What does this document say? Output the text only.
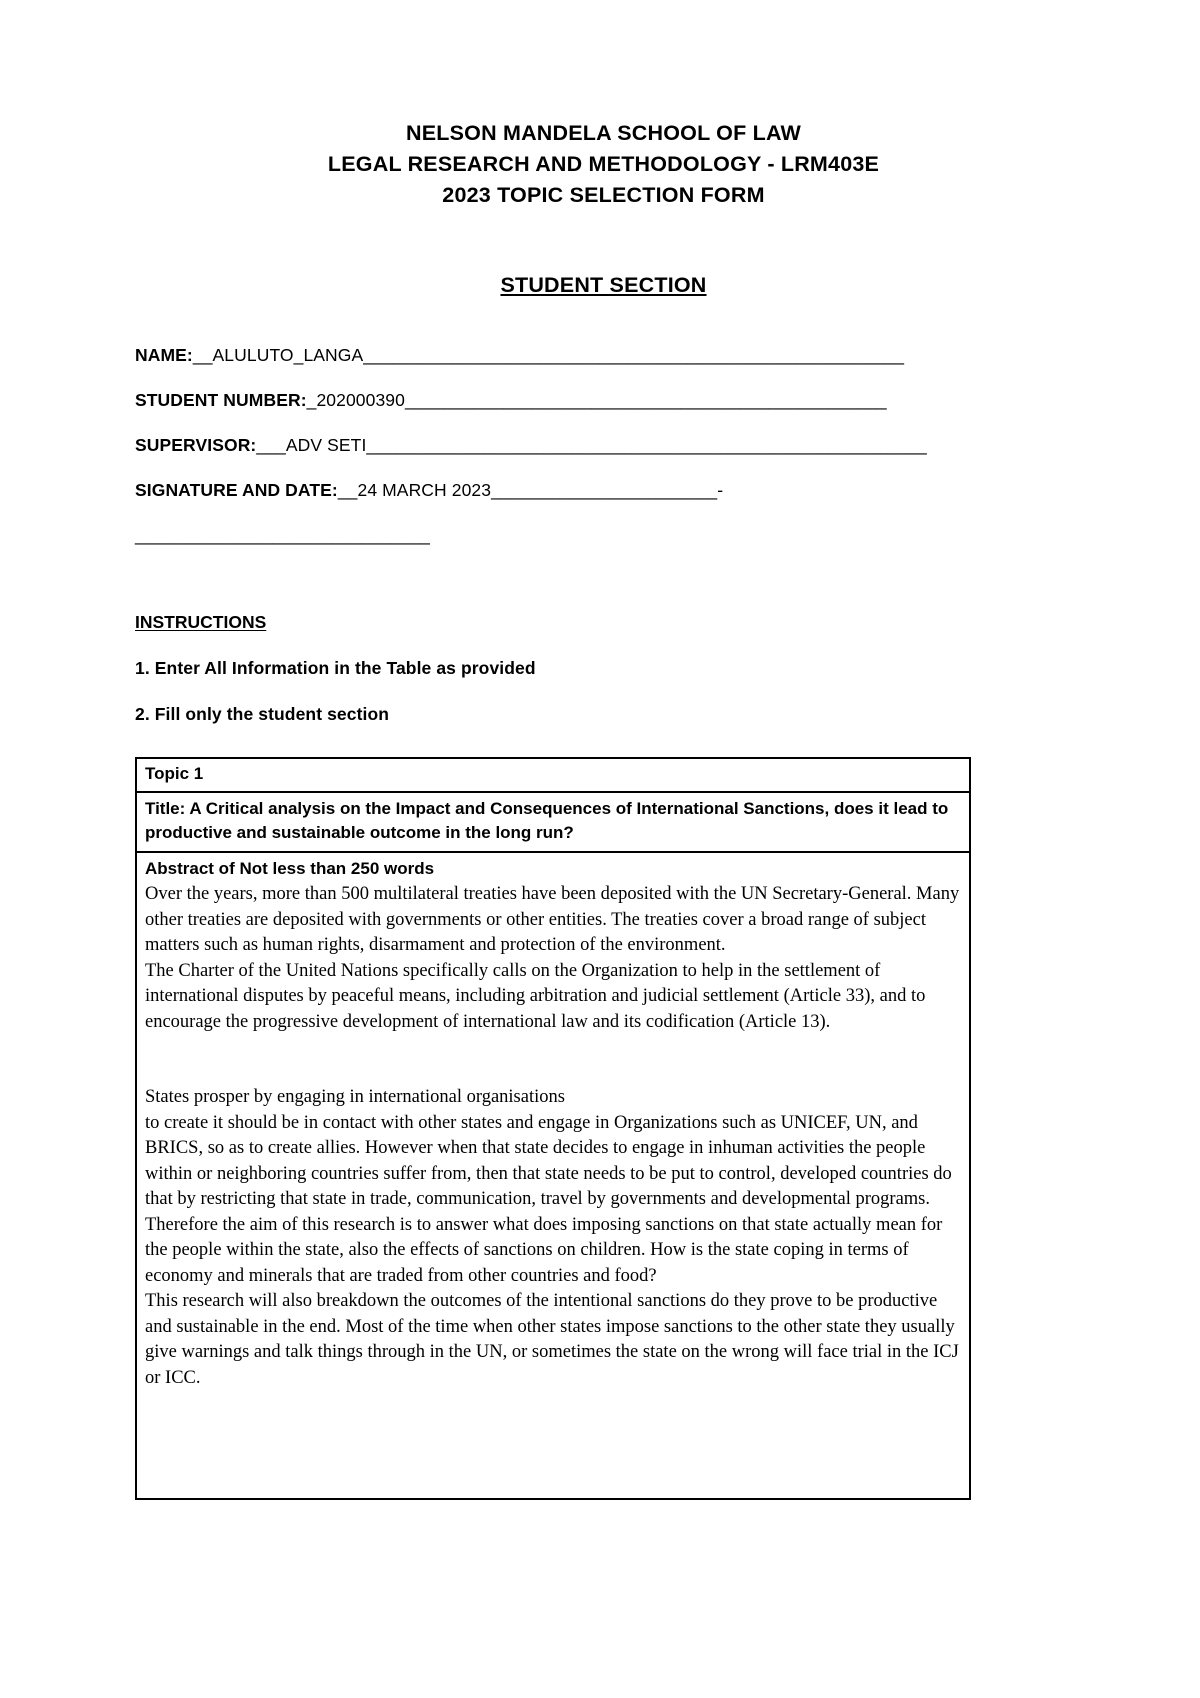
NELSON MANDELA SCHOOL OF LAW
LEGAL RESEARCH AND METHODOLOGY - LRM403E
2023 TOPIC SELECTION FORM
STUDENT SECTION
NAME:__ALULUTO_LANGA_______________________________________________________
STUDENT NUMBER:_202000390_________________________________________________
SUPERVISOR:___ADV SETI_________________________________________________________
SIGNATURE AND DATE:__24 MARCH 2023_______________________-
______________________________
INSTRUCTIONS
1. Enter All Information in the Table as provided
2. Fill only the student section
Topic 1
Title: A Critical analysis on the Impact and Consequences of International Sanctions, does it lead to productive and sustainable outcome in the long run?

Abstract of Not less than 250 words

Over the years, more than 500 multilateral treaties have been deposited with the UN Secretary-General. Many other treaties are deposited with governments or other entities. The treaties cover a broad range of subject matters such as human rights, disarmament and protection of the environment.

The Charter of the United Nations specifically calls on the Organization to help in the settlement of international disputes by peaceful means, including arbitration and judicial settlement (Article 33), and to encourage the progressive development of international law and its codification (Article 13).

States prosper by engaging in international organisations

to create it should be in contact with other states and engage in Organizations such as UNICEF, UN, and BRICS, so as to create allies. However when that state decides to engage in inhuman activities the people within or neighboring countries suffer from, then that state needs to be put to control, developed countries do that by restricting that state in trade, communication, travel by governments and developmental programs.

Therefore the aim of this research is to answer what does imposing sanctions on that state actually mean for the people within the state, also the effects of sanctions on children. How is the state coping in terms of economy and minerals that are traded from other countries and food?

This research will also breakdown the outcomes of the intentional sanctions do they prove to be productive and sustainable in the end. Most of the time when other states impose sanctions to the other state they usually give warnings and talk things through in the UN, or sometimes the state on the wrong will face trial in the ICJ or ICC.
